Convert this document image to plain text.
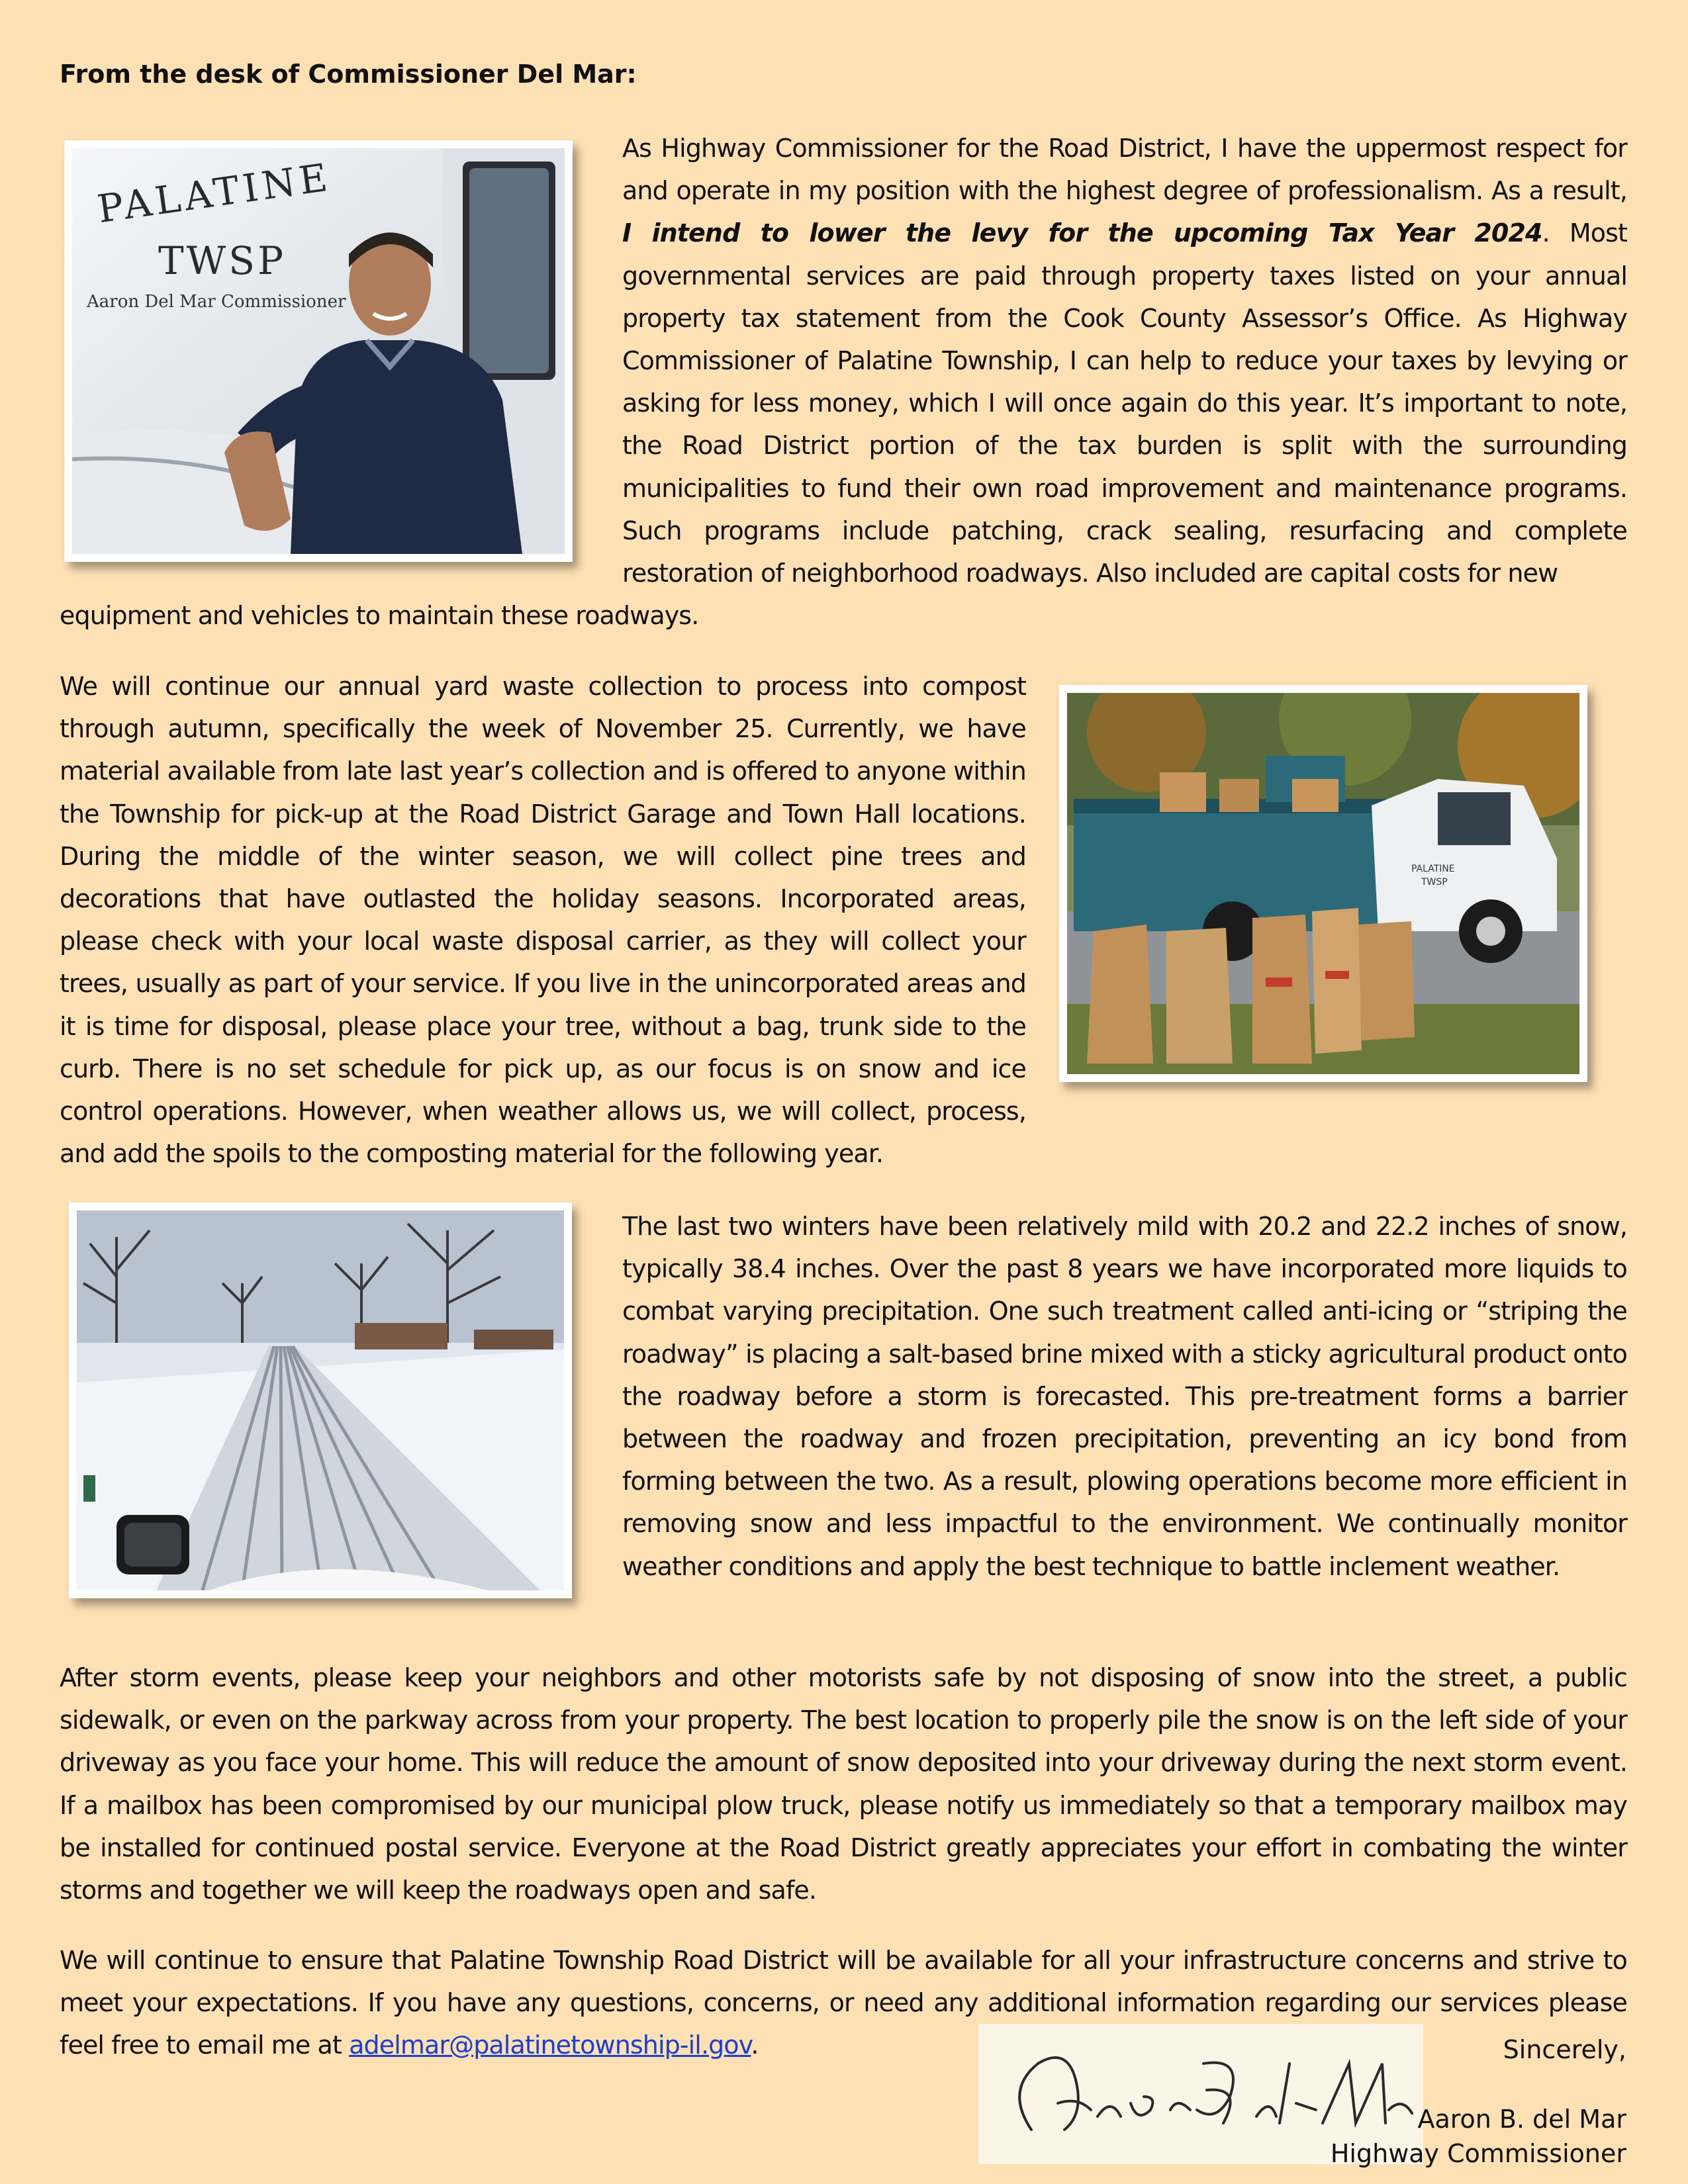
From the desk of Commissioner Del Mar:

PALATINE
TWSP
Aaron Del Mar Commissioner

As Highway Commissioner for the Road District, I have the uppermost respect for and operate in my position with the highest degree of professionalism. As a result, I intend to lower the levy for the upcoming Tax Year 2024. Most governmental services are paid through property taxes listed on your annual property tax statement from the Cook County Assessor’s Office. As Highway Commissioner of Palatine Township, I can help to reduce your taxes by levying or asking for less money, which I will once again do this year. It’s important to note, the Road District portion of the tax burden is split with the surrounding municipalities to fund their own road improvement and maintenance programs. Such programs include patching, crack sealing, resurfacing and complete restoration of neighborhood roadways. Also included are capital costs for new

equipment and vehicles to maintain these roadways.

PALATINE
TWSP

We will continue our annual yard waste collection to process into compost through autumn, specifically the week of November 25. Currently, we have material available from late last year’s collection and is offered to anyone within the Township for pick-up at the Road District Garage and Town Hall locations. During the middle of the winter season, we will collect pine trees and decorations that have outlasted the holiday seasons. Incorporated areas, please check with your local waste disposal carrier, as they will collect your trees, usually as part of your service. If you live in the unincorporated areas and it is time for disposal, please place your tree, without a bag, trunk side to the curb. There is no set schedule for pick up, as our focus is on snow and ice control operations. However, when weather allows us, we will collect, process, and add the spoils to the composting material for the following year.

The last two winters have been relatively mild with 20.2 and 22.2 inches of snow, typically 38.4 inches. Over the past 8 years we have incorporated more liquids to combat varying precipitation. One such treatment called anti-icing or “striping the roadway” is placing a salt-based brine mixed with a sticky agricultural product onto the roadway before a storm is forecasted. This pre-treatment forms a barrier between the roadway and frozen precipitation, preventing an icy bond from forming between the two. As a result, plowing operations become more efficient in removing snow and less impactful to the environment. We continually monitor weather conditions and apply the best technique to battle inclement weather.

After storm events, please keep your neighbors and other motorists safe by not disposing of snow into the street, a public sidewalk, or even on the parkway across from your property. The best location to properly pile the snow is on the left side of your driveway as you face your home. This will reduce the amount of snow deposited into your driveway during the next storm event. If a mailbox has been compromised by our municipal plow truck, please notify us immediately so that a temporary mailbox may be installed for continued postal service. Everyone at the Road District greatly appreciates your effort in combating the winter storms and together we will keep the roadways open and safe.

We will continue to ensure that Palatine Township Road District will be available for all your infrastructure concerns and strive to meet your expectations. If you have any questions, concerns, or need any additional information regarding our services please feel free to email me at adelmar@palatinetownship-il.gov.	Sincerely,

Aaron B. del Mar

Highway Commissioner
